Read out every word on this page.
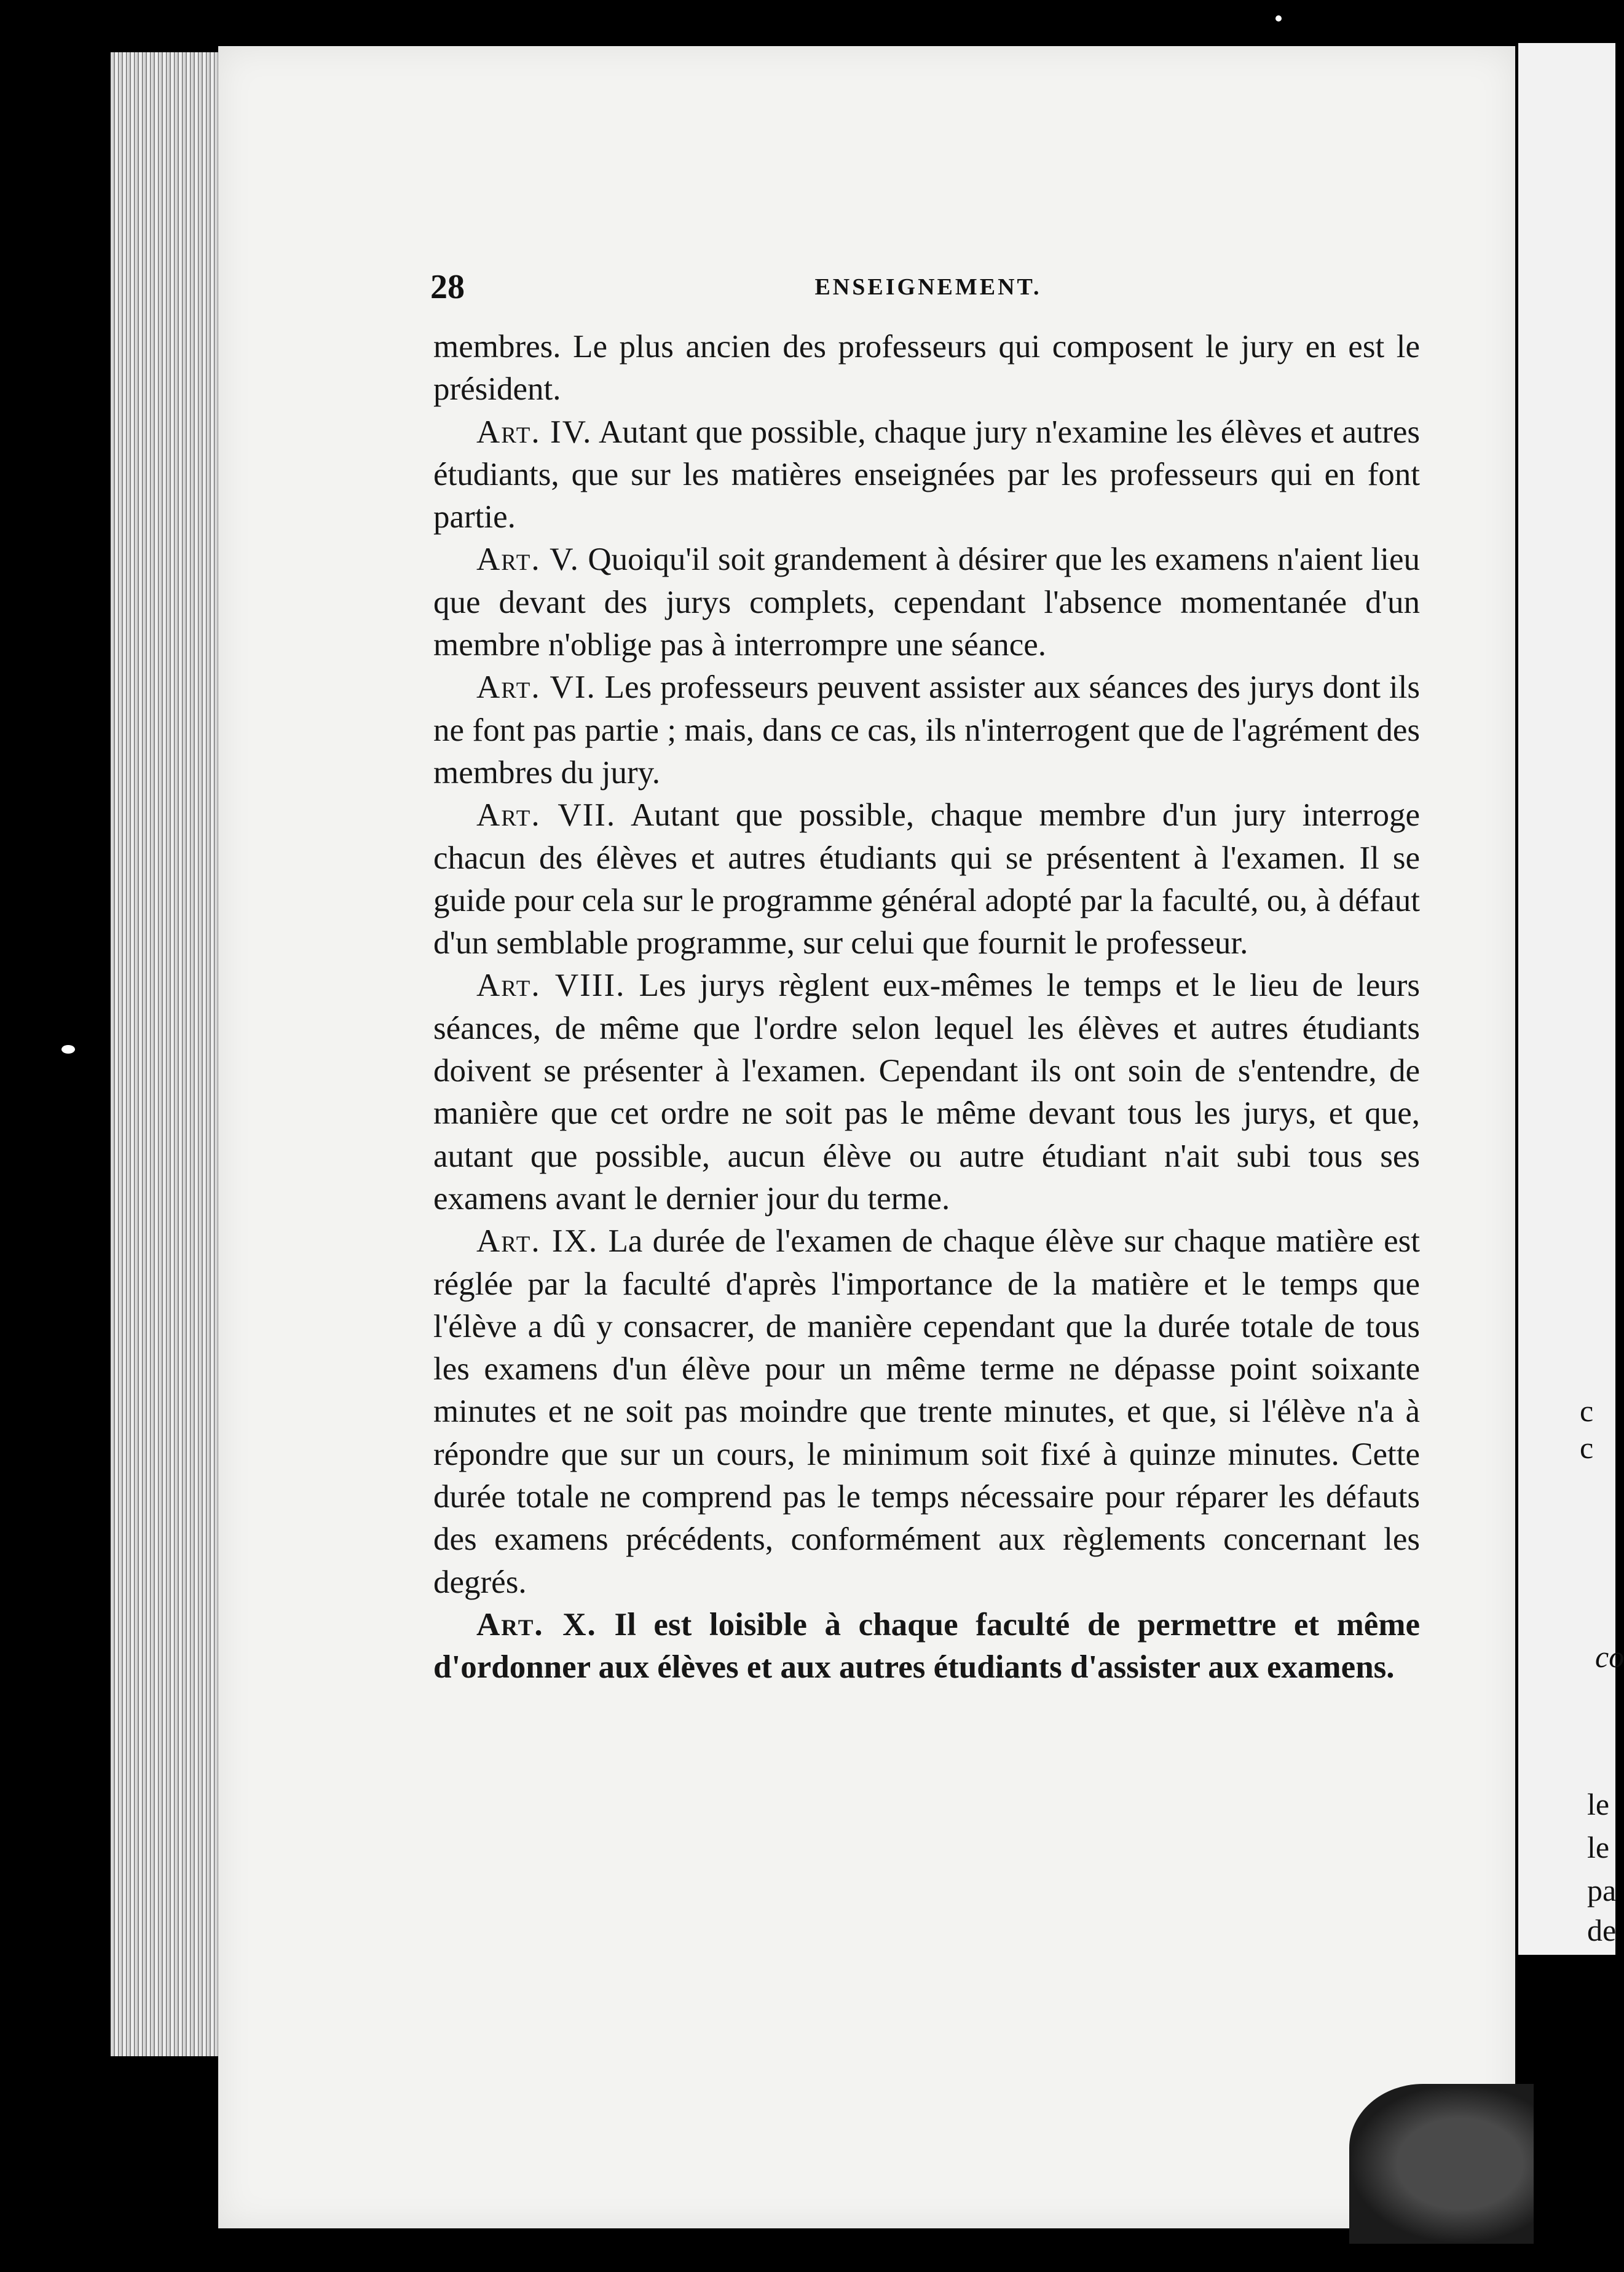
c
c
co
le
le
pa
de
28	ENSEIGNEMENT.

membres. Le plus ancien des professeurs qui composent le jury en est le président.

Art. IV. Autant que possible, chaque jury n'examine les élèves et autres étudiants, que sur les matières enseignées par les professeurs qui en font partie.

Art. V. Quoiqu'il soit grandement à désirer que les examens n'aient lieu que devant des jurys complets, cependant l'absence momentanée d'un membre n'oblige pas à interrompre une séance.

Art. VI. Les professeurs peuvent assister aux séances des jurys dont ils ne font pas partie ; mais, dans ce cas, ils n'interrogent que de l'agrément des membres du jury.

Art. VII. Autant que possible, chaque membre d'un jury interroge chacun des élèves et autres étudiants qui se présentent à l'examen. Il se guide pour cela sur le programme général adopté par la faculté, ou, à défaut d'un semblable programme, sur celui que fournit le professeur.

Art. VIII. Les jurys règlent eux-mêmes le temps et le lieu de leurs séances, de même que l'ordre selon lequel les élèves et autres étudiants doivent se présenter à l'examen. Cependant ils ont soin de s'entendre, de manière que cet ordre ne soit pas le même devant tous les jurys, et que, autant que possible, aucun élève ou autre étudiant n'ait subi tous ses examens avant le dernier jour du terme.

Art. IX. La durée de l'examen de chaque élève sur chaque matière est réglée par la faculté d'après l'importance de la matière et le temps que l'élève a dû y consacrer, de manière cependant que la durée totale de tous les examens d'un élève pour un même terme ne dépasse point soixante minutes et ne soit pas moindre que trente minutes, et que, si l'élève n'a à répondre que sur un cours, le minimum soit fixé à quinze minutes. Cette durée totale ne comprend pas le temps nécessaire pour réparer les défauts des examens précédents, conformément aux règlements concernant les degrés.

Art. X. Il est loisible à chaque faculté de permettre et même d'ordonner aux élèves et aux autres étudiants d'assister aux examens.
